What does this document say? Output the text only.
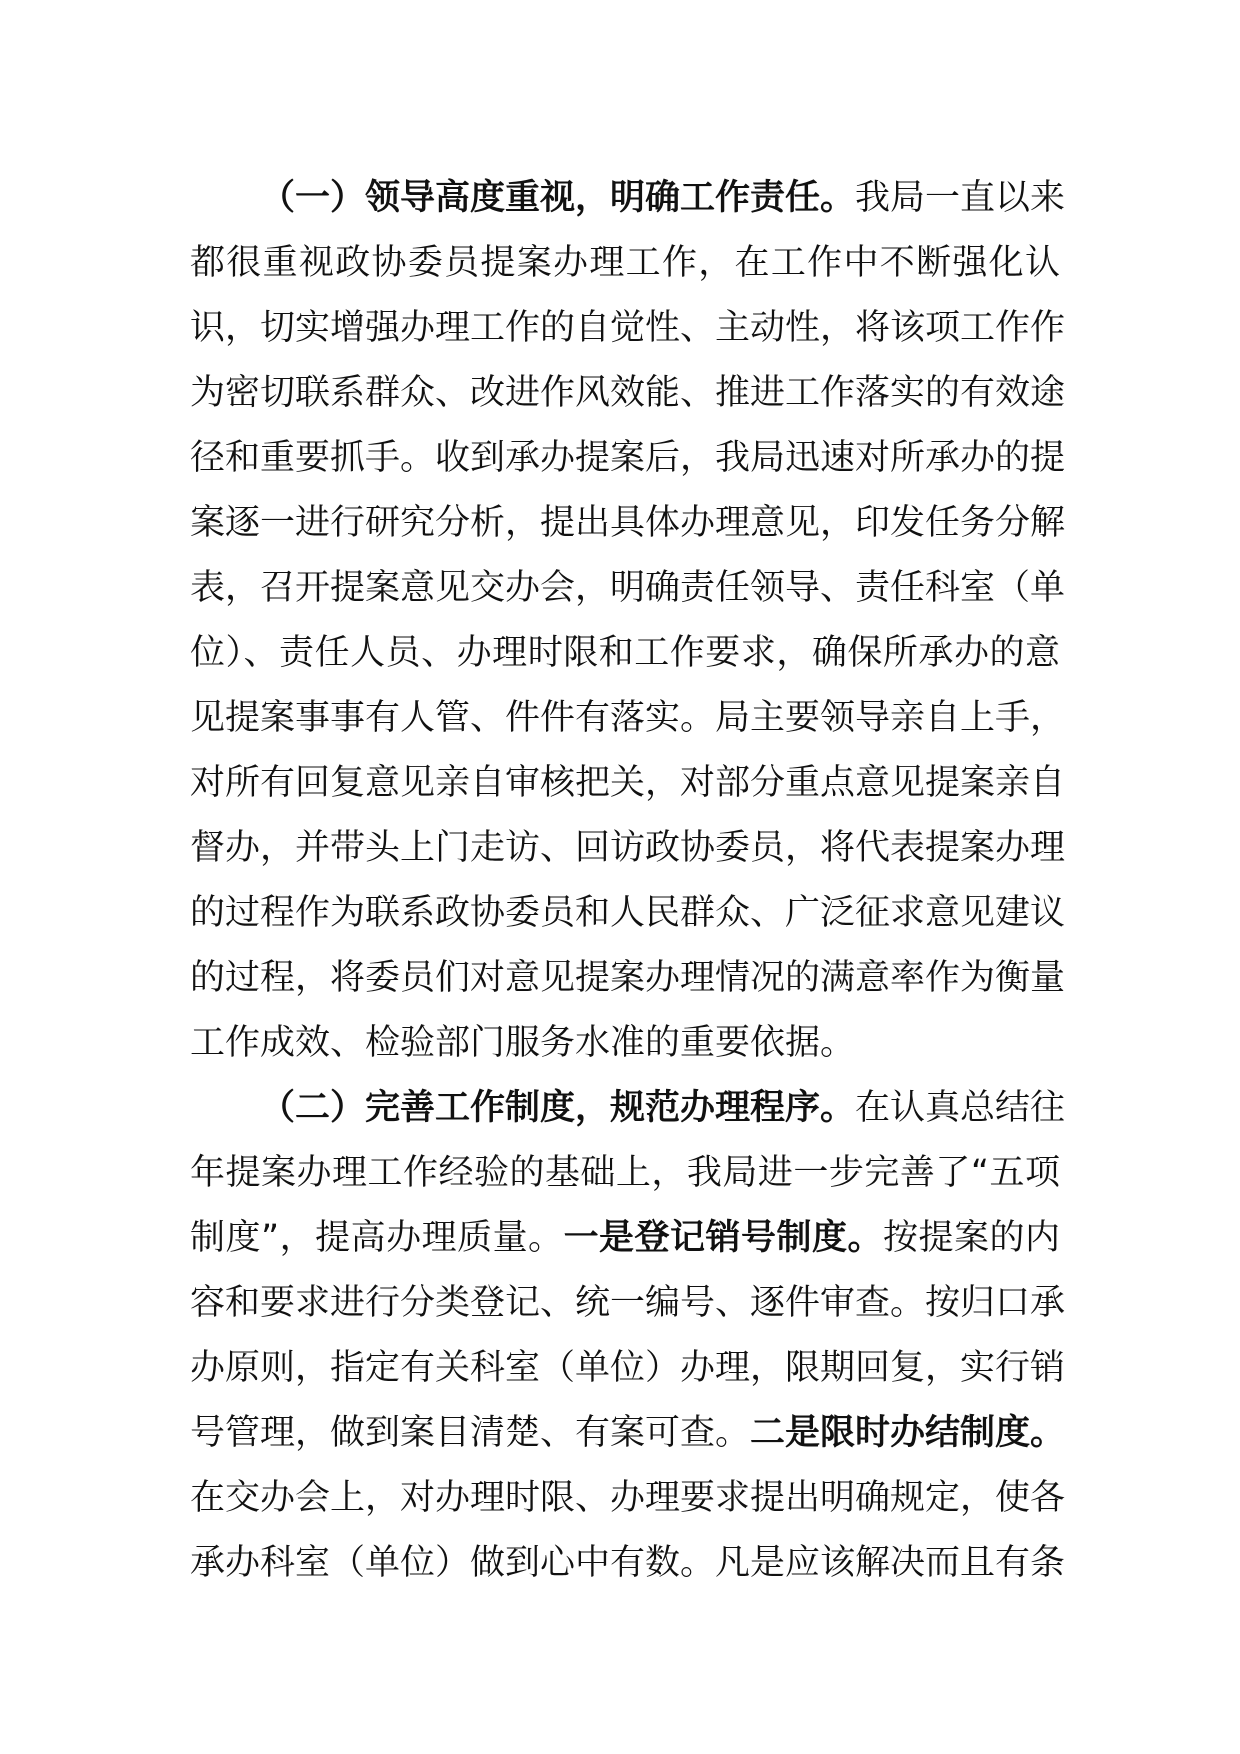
（一）领导高度重视，明确工作责任。我局一直以来
都很重视政协委员提案办理工作，在工作中不断强化认
识，切实增强办理工作的自觉性、主动性，将该项工作作
为密切联系群众、改进作风效能、推进工作落实的有效途
径和重要抓手。收到承办提案后，我局迅速对所承办的提
案逐一进行研究分析，提出具体办理意见，印发任务分解
表，召开提案意见交办会，明确责任领导、责任科室（单
位）、责任人员、办理时限和工作要求，确保所承办的意
见提案事事有人管、件件有落实。局主要领导亲自上手，
对所有回复意见亲自审核把关，对部分重点意见提案亲自
督办，并带头上门走访、回访政协委员，将代表提案办理
的过程作为联系政协委员和人民群众、广泛征求意见建议
的过程，将委员们对意见提案办理情况的满意率作为衡量
工作成效、检验部门服务水准的重要依据。
（二）完善工作制度，规范办理程序。在认真总结往
年提案办理工作经验的基础上，我局进一步完善了“五项
制度”，提高办理质量。一是登记销号制度。按提案的内
容和要求进行分类登记、统一编号、逐件审查。按归口承
办原则，指定有关科室（单位）办理，限期回复，实行销
号管理，做到案目清楚、有案可查。二是限时办结制度。
在交办会上，对办理时限、办理要求提出明确规定，使各
承办科室（单位）做到心中有数。凡是应该解决而且有条
